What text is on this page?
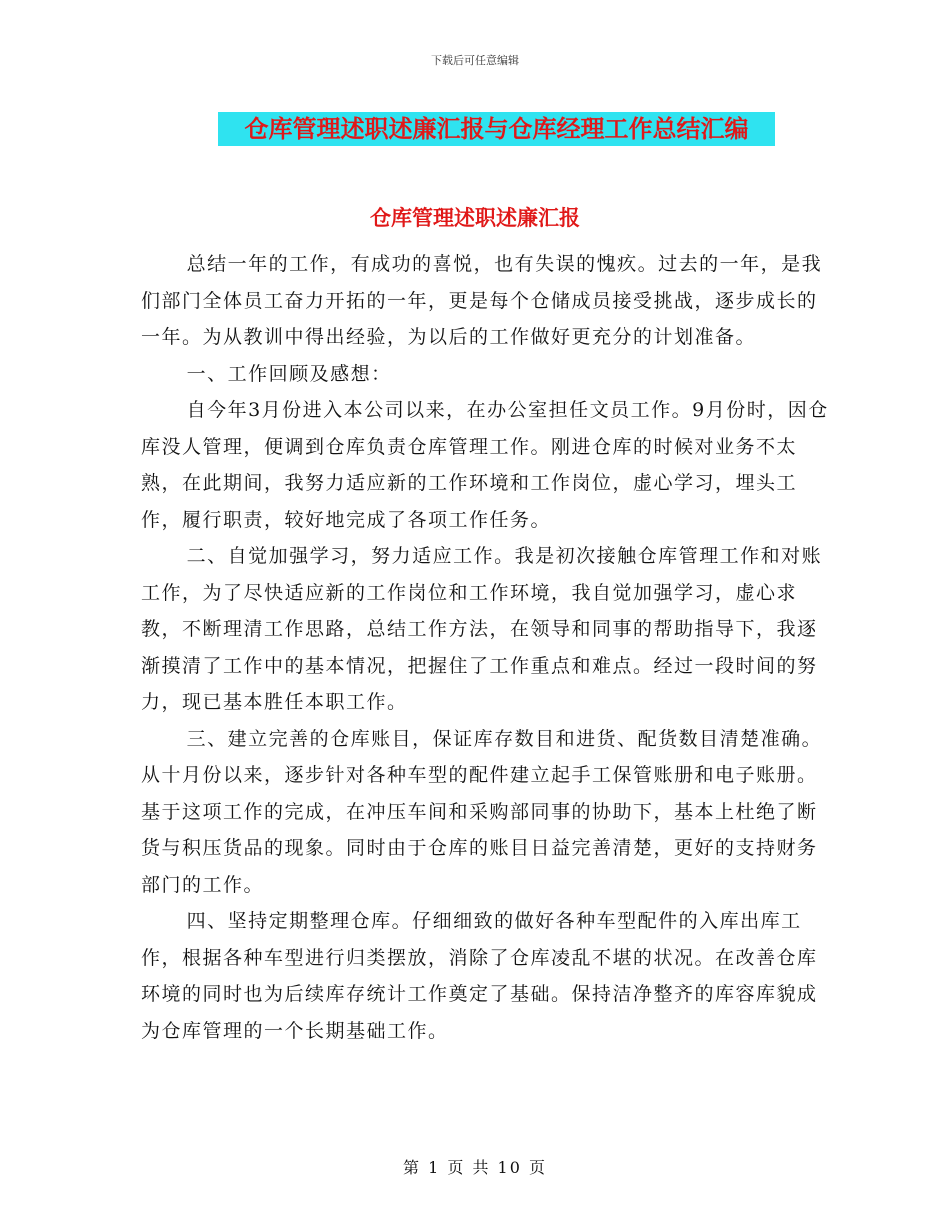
下载后可任意编辑
仓库管理述职述廉汇报与仓库经理工作总结汇编
仓库管理述职述廉汇报

总结一年的工作，有成功的喜悦，也有失误的愧疚。过去的一年，是我们部门全体员工奋力开拓的一年，更是每个仓储成员接受挑战，逐步成长的一年。为从教训中得出经验，为以后的工作做好更充分的计划准备。

一、工作回顾及感想：

自今年3月份进入本公司以来，在办公室担任文员工作。9月份时，因仓库没人管理，便调到仓库负责仓库管理工作。刚进仓库的时候对业务不太熟，在此期间，我努力适应新的工作环境和工作岗位，虚心学习，埋头工作，履行职责，较好地完成了各项工作任务。

二、自觉加强学习，努力适应工作。我是初次接触仓库管理工作和对账工作，为了尽快适应新的工作岗位和工作环境，我自觉加强学习，虚心求教，不断理清工作思路，总结工作方法，在领导和同事的帮助指导下，我逐渐摸清了工作中的基本情况，把握住了工作重点和难点。经过一段时间的努力，现已基本胜任本职工作。

三、建立完善的仓库账目，保证库存数目和进货、配货数目清楚准确。从十月份以来，逐步针对各种车型的配件建立起手工保管账册和电子账册。基于这项工作的完成，在冲压车间和采购部同事的协助下，基本上杜绝了断货与积压货品的现象。同时由于仓库的账目日益完善清楚，更好的支持财务部门的工作。

四、坚持定期整理仓库。仔细细致的做好各种车型配件的入库出库工作，根据各种车型进行归类摆放，消除了仓库凌乱不堪的状况。在改善仓库环境的同时也为后续库存统计工作奠定了基础。保持洁净整齐的库容库貌成为仓库管理的一个长期基础工作。

第 1 页 共 10 页
